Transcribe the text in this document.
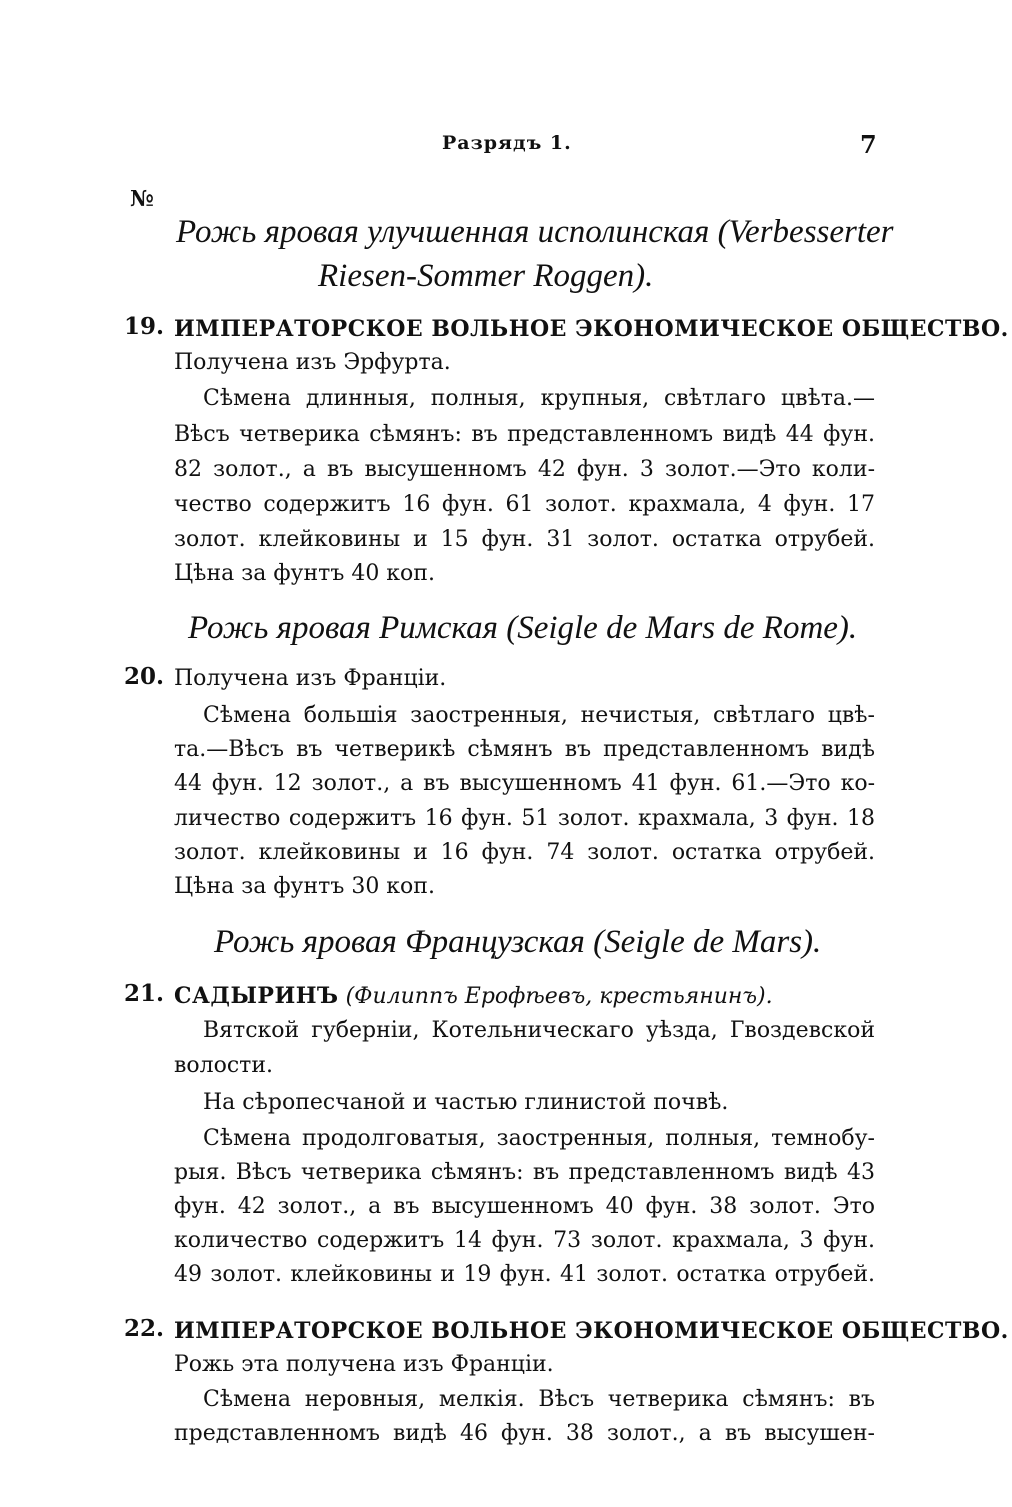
Разрядъ 1.	7
№
Рожь яровая улучшенная исполинская (Verbesserter
Riesen-Sommer Roggen).
19. ИМПЕРАТОРСКОЕ ВОЛЬНОЕ ЭКОНОМИЧЕСКОЕ ОБЩЕСТВО.
Получена изъ Эрфурта.
Сѣмена длинныя, полныя, крупныя, свѣтлаго цвѣта.—
Вѣсъ четверика сѣмянъ: въ представленномъ видѣ 44 фун.
82 золот., а въ высушенномъ 42 фун. 3 золот.—Это коли-
чество содержитъ 16 фун. 61 золот. крахмала, 4 фун. 17
золот. клейковины и 15 фун. 31 золот. остатка отрубей.
Цѣна за фунтъ 40 коп.
Рожь яровая Римская (Seigle de Mars de Rome).
20. Получена изъ Франціи.
Сѣмена большія заостренныя, нечистыя, свѣтлаго цвѣ-
та.—Вѣсъ въ четверикѣ сѣмянъ въ представленномъ видѣ
44 фун. 12 золот., а въ высушенномъ 41 фун. 61.—Это ко-
личество содержитъ 16 фун. 51 золот. крахмала, 3 фун. 18
золот. клейковины и 16 фун. 74 золот. остатка отрубей.
Цѣна за фунтъ 30 коп.
Рожь яровая Французская (Seigle de Mars).
21. САДЫРИНЪ (Филиппъ Ерофѣевъ, крестьянинъ).
Вятской губерніи, Котельническаго уѣзда, Гвоздевской
волости.
На сѣропесчаной и частью глинистой почвѣ.
Сѣмена продолговатыя, заостренныя, полныя, темнобу-
рыя. Вѣсъ четверика сѣмянъ: въ представленномъ видѣ 43
фун. 42 золот., а въ высушенномъ 40 фун. 38 золот. Это
количество содержитъ 14 фун. 73 золот. крахмала, 3 фун.
49 золот. клейковины и 19 фун. 41 золот. остатка отрубей.
22. ИМПЕРАТОРСКОЕ ВОЛЬНОЕ ЭКОНОМИЧЕСКОЕ ОБЩЕСТВО.
Рожь эта получена изъ Франціи.
Сѣмена неровныя, мелкія. Вѣсъ четверика сѣмянъ: въ
представленномъ видѣ 46 фун. 38 золот., а въ высушен-
